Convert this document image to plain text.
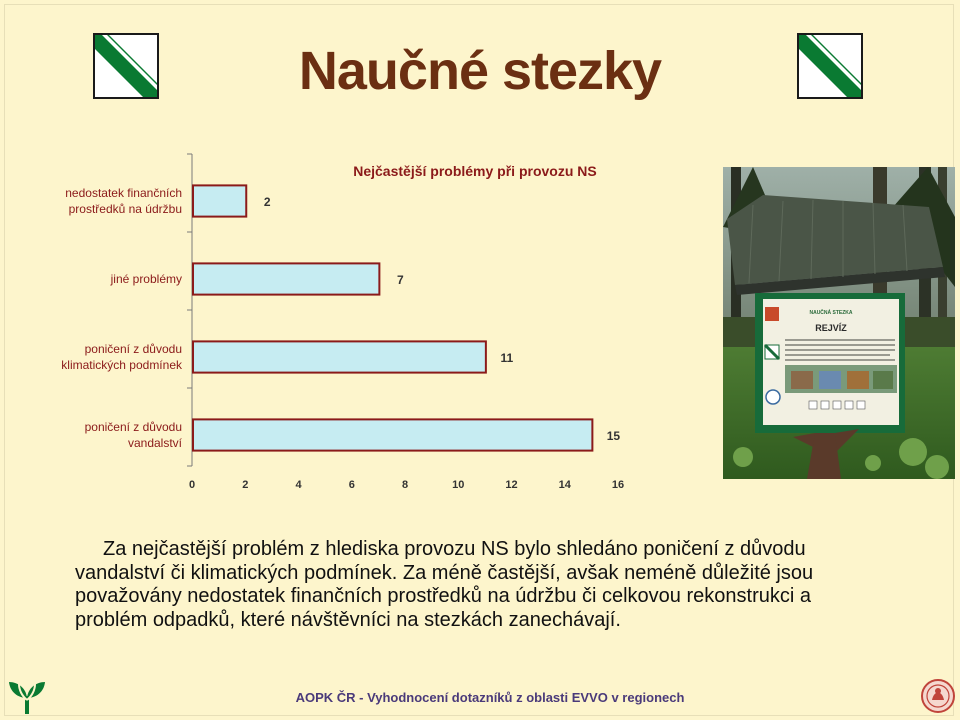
Naučné stezky
Nejčastější problémy při provozu NS
nedostatek finančních
prostředků na údržbu	2
jiné problémy	7
poničení z důvodu
klimatických podmínek	11
poničení z důvodu
vandalství	15
0	2	4	6	8	10	12	14	16
NAUČNÁ STEZKA
REJVÍZ
Za nejčastější problém z hlediska provozu NS bylo shledáno poničení z důvodu vandalství či klimatických podmínek. Za méně častější, avšak neméně důležité jsou považovány nedostatek finančních prostředků na údržbu či celkovou rekonstrukci a problém odpadků, které návštěvníci na stezkách zanechávají.
AOPK ČR - Vyhodnocení dotazníků z oblasti EVVO v regionech
